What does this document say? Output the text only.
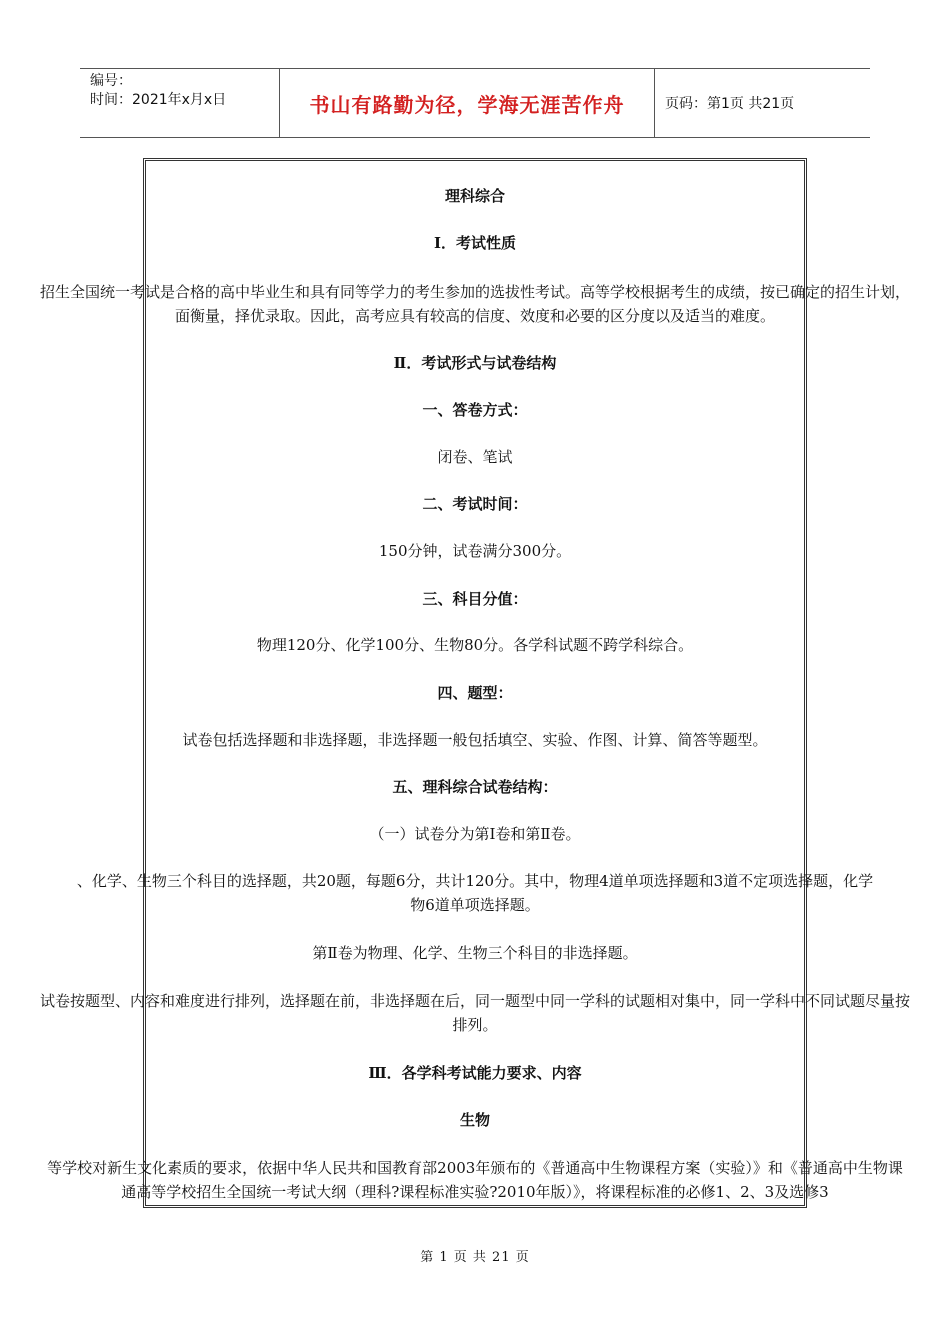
编号：
时间：2021年x月x日	书山有路勤为径，学海无涯苦作舟	页码：第1页 共21页
理科综合
Ⅰ．考试性质
招生全国统一考试是合格的高中毕业生和具有同等学力的考生参加的选拔性考试。高等学校根据考生的成绩，按已确定的招生计划，
面衡量，择优录取。因此，高考应具有较高的信度、效度和必要的区分度以及适当的难度。
Ⅱ．考试形式与试卷结构
一、答卷方式：
闭卷、笔试
二、考试时间：
150分钟，试卷满分300分。
三、科目分值：
物理120分、化学100分、生物80分。各学科试题不跨学科综合。
四、题型：
试卷包括选择题和非选择题，非选择题一般包括填空、实验、作图、计算、简答等题型。
五、理科综合试卷结构：
（一）试卷分为第Ⅰ卷和第Ⅱ卷。
、化学、生物三个科目的选择题，共20题，每题6分，共计120分。其中，物理4道单项选择题和3道不定项选择题，化学
物6道单项选择题。
第Ⅱ卷为物理、化学、生物三个科目的非选择题。
试卷按题型、内容和难度进行排列，选择题在前，非选择题在后，同一题型中同一学科的试题相对集中，同一学科中不同试题尽量按
排列。
Ⅲ．各学科考试能力要求、内容
生物
等学校对新生文化素质的要求，依据中华人民共和国教育部2003年颁布的《普通高中生物课程方案（实验）》和《普通高中生物课
通高等学校招生全国统一考试大纲（理科?课程标准实验?2010年版）》，将课程标准的必修1、2、3及选修3
第 1 页 共 21 页
